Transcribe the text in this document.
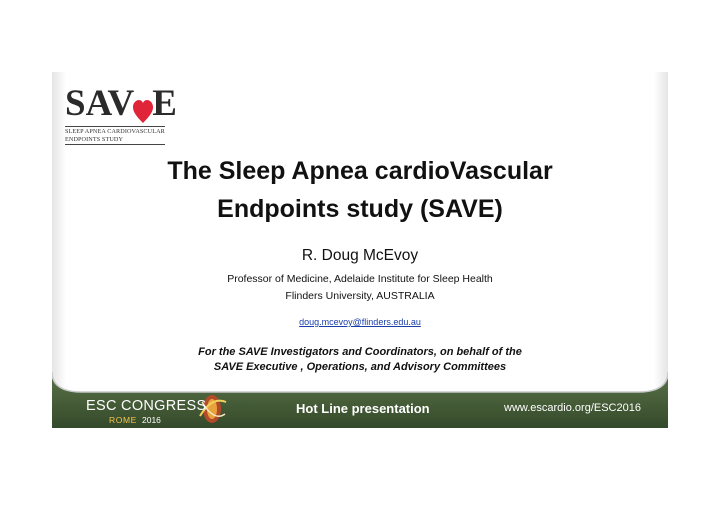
SAV E
SLEEP APNEA CARDIOVASCULAR
ENDPOINTS STUDY
The Sleep Apnea cardioVascular
Endpoints study (SAVE)
R. Doug McEvoy
Professor of Medicine, Adelaide Institute for Sleep Health
Flinders University, AUSTRALIA
doug.mcevoy@flinders.edu.au
For the SAVE Investigators and Coordinators, on behalf of the
SAVE Executive , Operations, and Advisory Committees
ESC CONGRESS
ROME 2016
Hot Line presentation	www.escardio.org/ESC2016
